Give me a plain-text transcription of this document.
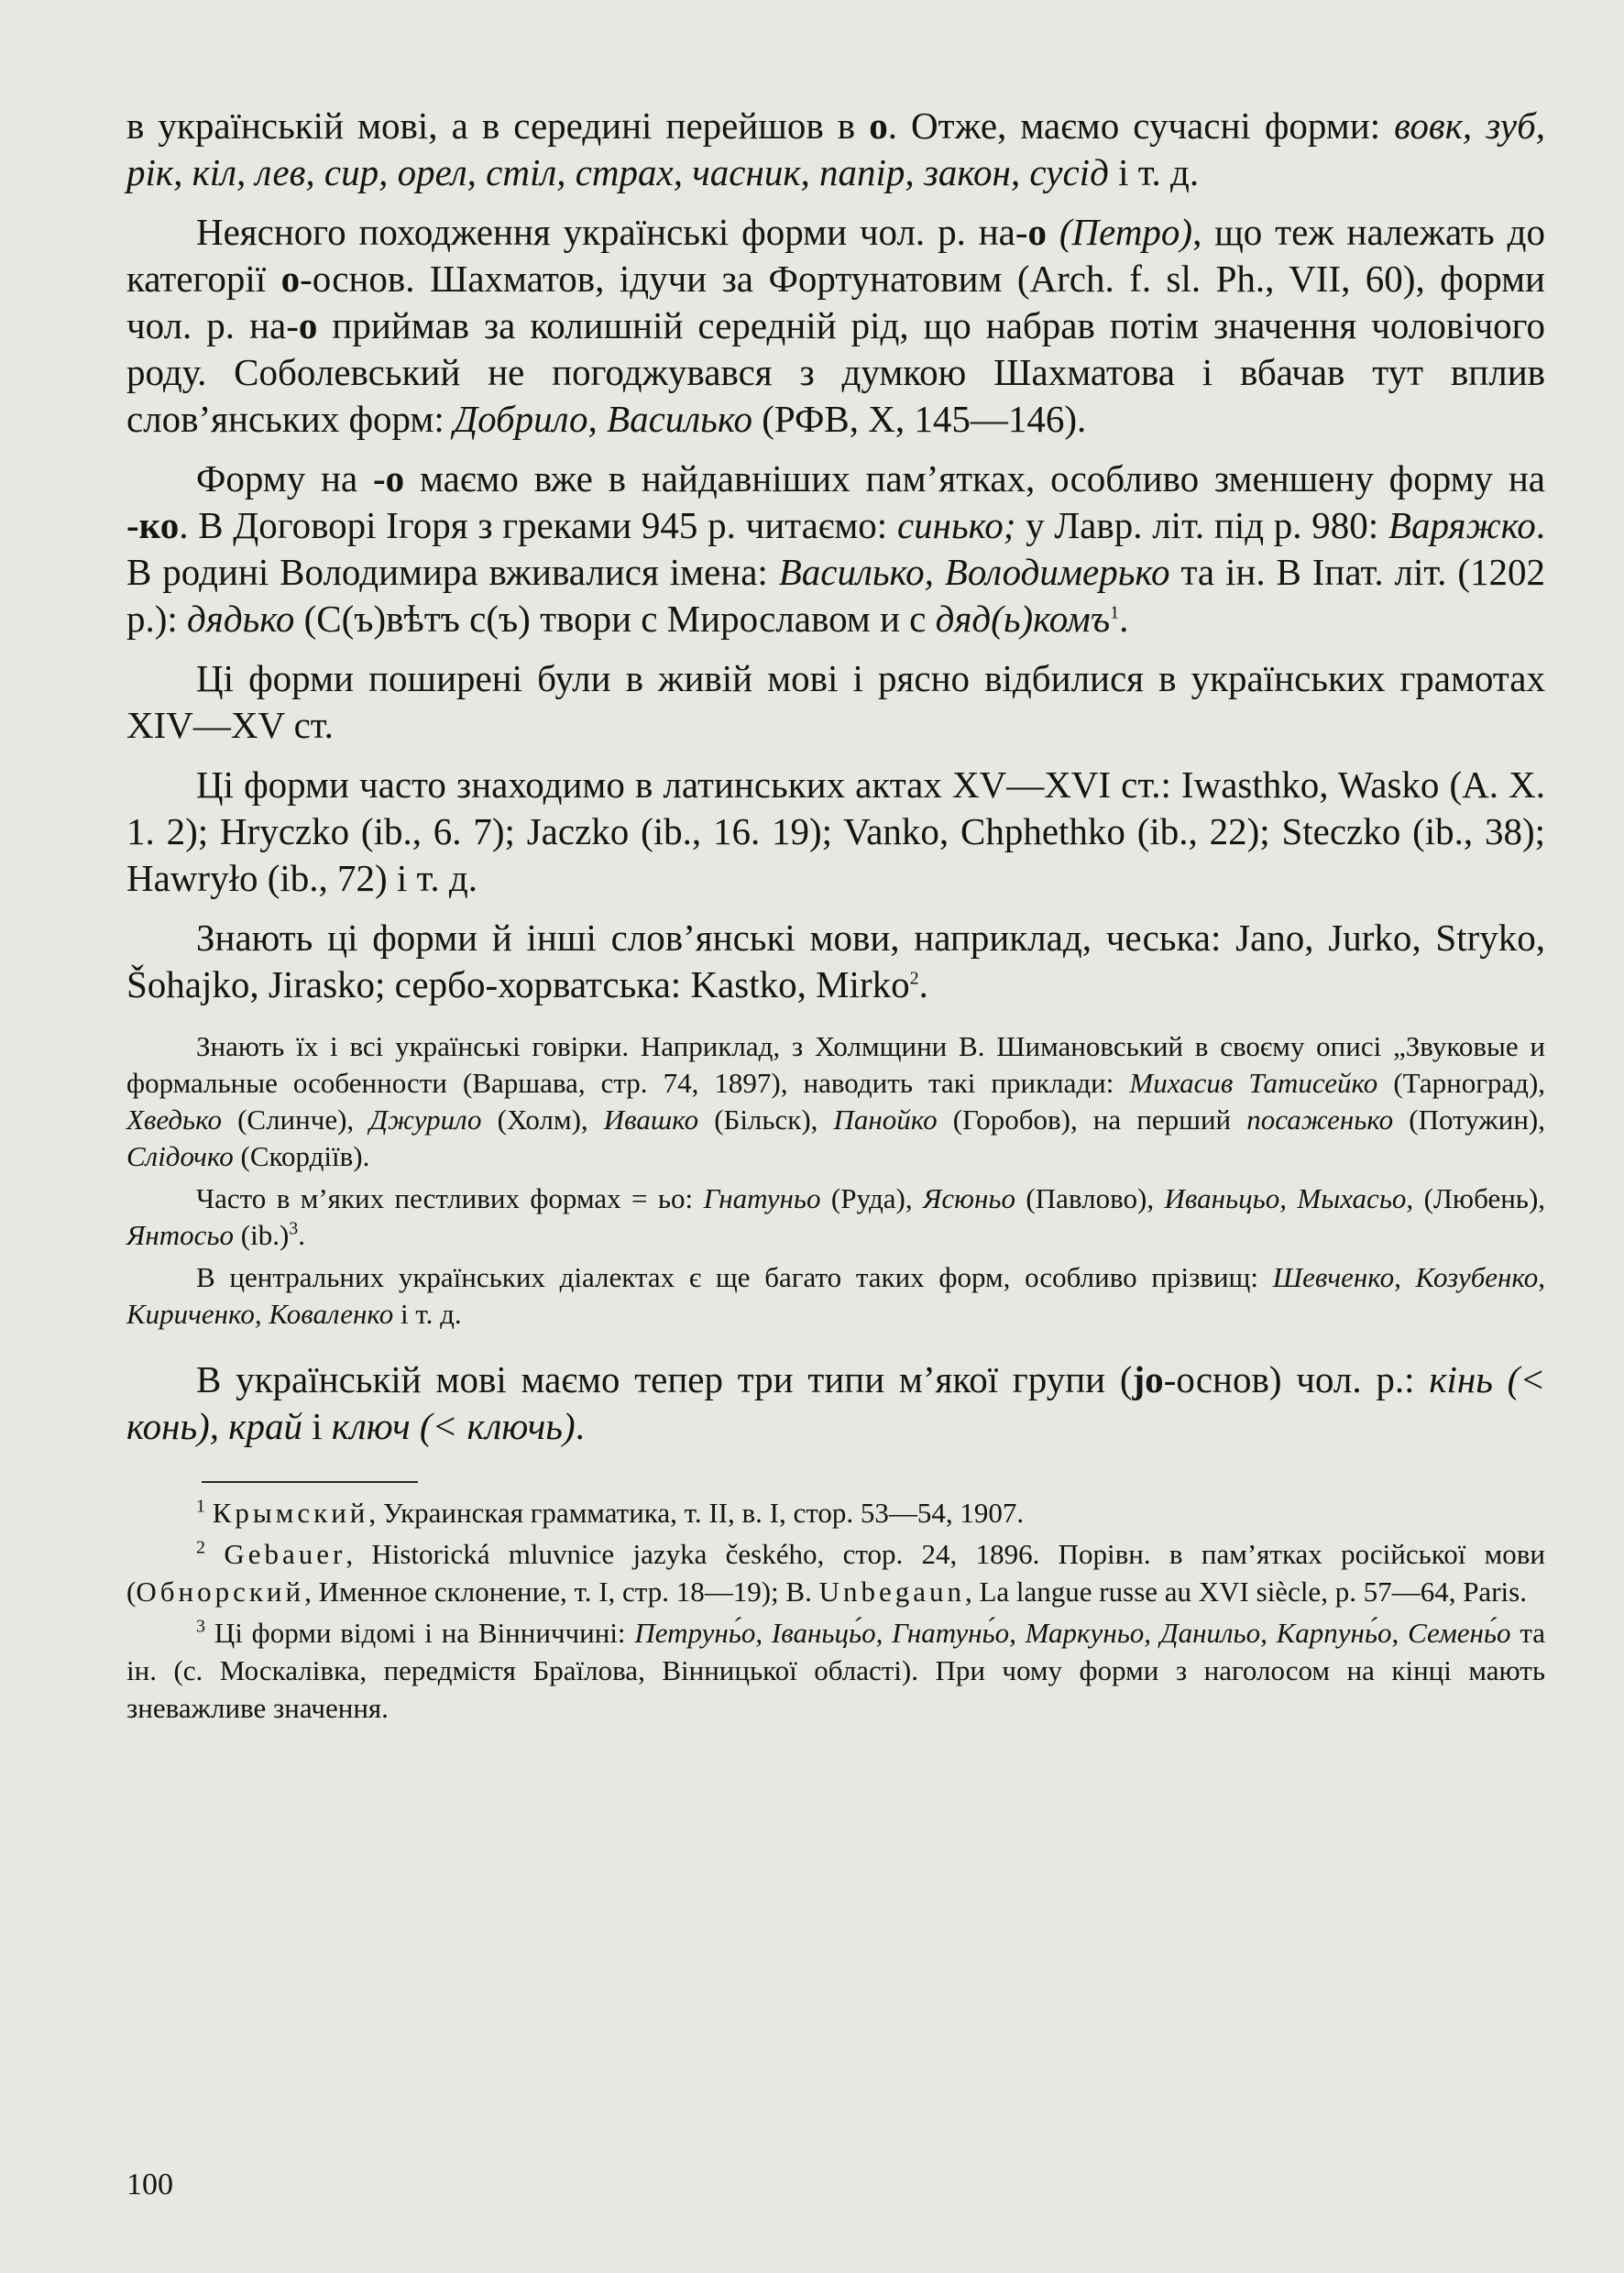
в українській мові, а в середині перейшов в о. Отже, маємо сучасні форми: вовк, зуб, рік, кіл, лев, сир, орел, стіл, страх, часник, папір, закон, сусід і т. д.

Неясного походження українські форми чол. р. на-о (Петро), що теж належать до категорії о-основ. Шахматов, ідучи за Фортунатовим (Arch. f. sl. Ph., VII, 60), форми чол. р. на-о приймав за колишній середній рід, що набрав потім значення чоловічого роду. Соболевський не погоджувався з думкою Шахматова і вбачав тут вплив слов’янських форм: Добрило, Василько (РФВ, X, 145—146).

Форму на -о маємо вже в найдавніших пам’ятках, особливо зменшену форму на -ко. В Договорі Ігоря з греками 945 р. читаємо: синько; у Лавр. літ. під р. 980: Варяжко. В родині Володимира вживалися імена: Василько, Володимерько та ін. В Іпат. літ. (1202 р.): дядько (С(ъ)вѣтъ с(ъ) твори с Мирославом и с дяд(ь)комъ$^1$.

Ці форми поширені були в живій мові і рясно відбилися в українських грамотах XIV—XV ст.

Ці форми часто знаходимо в латинських актах XV—XVI ст.: Iwasthko, Wasko (А. Х. 1. 2); Hryczko (ib., 6. 7); Jaczko (ib., 16. 19); Vanko, Chphethko (ib., 22); Steczko (ib., 38); Hawryło (ib., 72) і т. д.

Знають ці форми й інші слов’янські мови, наприклад, чеська: Jano, Jurko, Stryko, Šohajko, Jirasko; сербо-хорватська: Kastko, Mirko$^2$.

Знають їх і всі українські говірки. Наприклад, з Холмщини В. Шимановський в своєму описі „Звуковые и формальные особенности (Варшава, стр. 74, 1897), наводить такі приклади: Михасив Татисейко (Тарноград), Хведько (Слинче), Джурило (Холм), Ивашко (Більск), Панойко (Горобов), на перший посаженько (Потужин), Слідочко (Скордіїв).

Часто в м’яких пестливих формах = ьо: Гнатуньо (Руда), Ясюньо (Павлово), Иваньцьо, Мыхасьо, (Любень), Янтосьо $(ib.)^3$.

В центральних українських діалектах є ще багато таких форм, особливо прізвищ: Шевченко, Козубенко, Кириченко, Коваленко і т. д.

В українській мові маємо тепер три типи м’якої групи (jo-основ) чол. р.: кінь (< конь), край і ключ (< ключь).

$^1$ Крымский, Украинская грамматика, т. II, в. I, стор. 53—54, 1907.

$^2$ Gebauer, Historická mluvnice jazyka českého, стор. 24, 1896. Порівн. в пам’ятках російської мови (Обнорский, Именное склонение, т. I, стр. 18—19); В. Unbegaun, La langue russe au XVI siècle, p. 57—64, Paris.

$^3$ Ці форми відомі і на Вінниччині: Петрунь́о, Іваньць́о, Гнатунь́о, Маркуньо, Данильо, Карпунь́о, Семень́о та ін. (с. Москалівка, передмістя Браїлова, Вінницької області). При чому форми з наголосом на кінці мають зневажливе значення.

100
